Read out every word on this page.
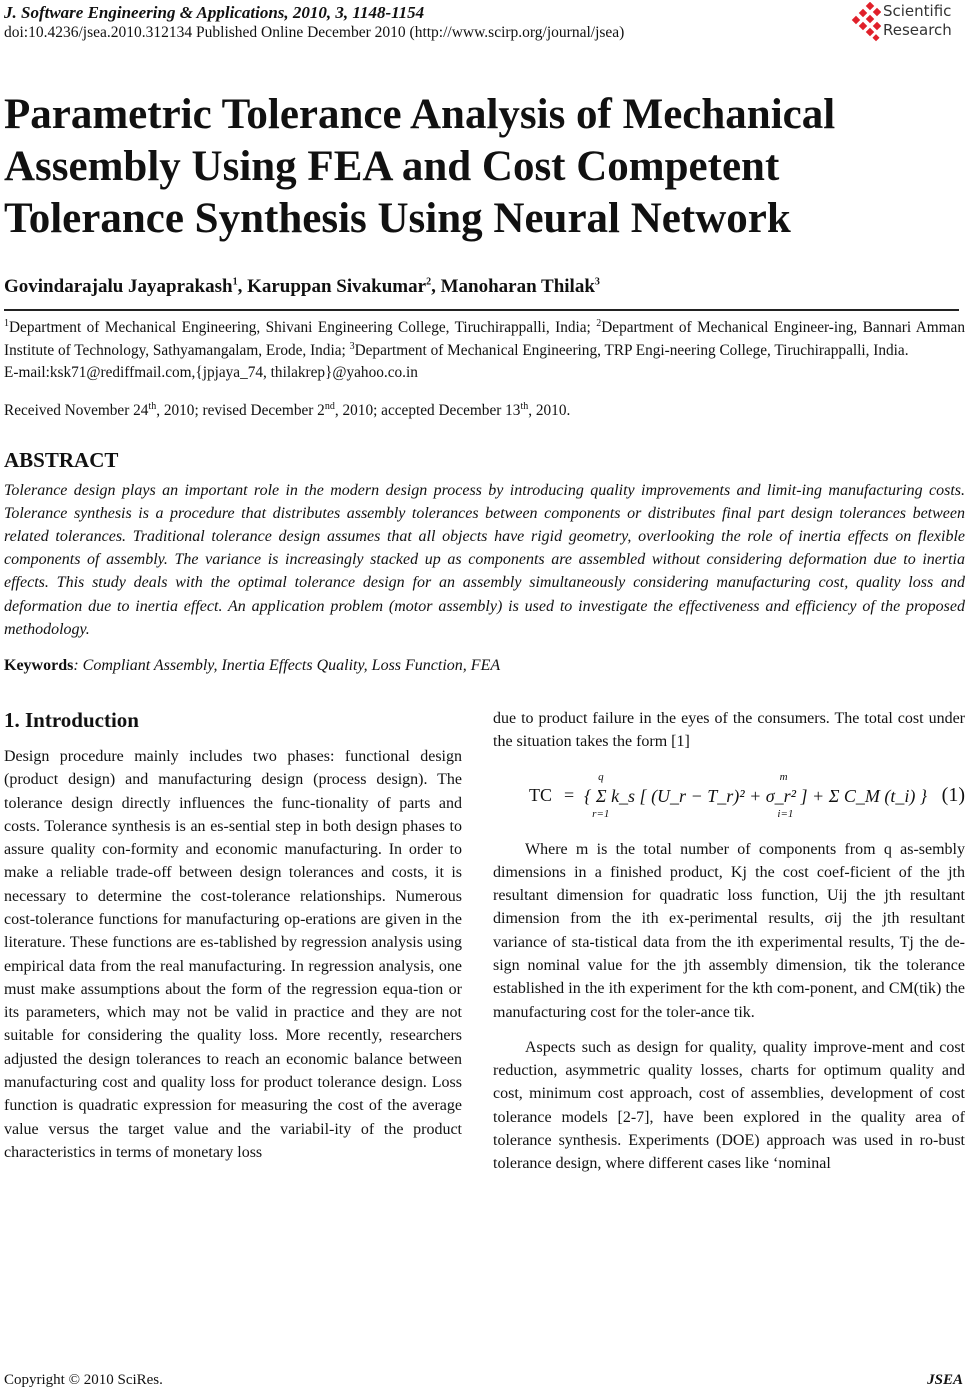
Scientific
Research
J. Software Engineering & Applications, 2010, 3, 1148-1154
doi:10.4236/jsea.2010.312134 Published Online December 2010 (http://www.scirp.org/journal/jsea)
Parametric Tolerance Analysis of Mechanical Assembly Using FEA and Cost Competent Tolerance Synthesis Using Neural Network
Govindarajalu Jayaprakash$^1$, Karuppan Sivakumar$^2$, Manoharan Thilak$^3$
$^1$Department of Mechanical Engineering, Shivani Engineering College, Tiruchirappalli, India; $^2$Department of Mechanical Engineer-ing, Bannari Amman Institute of Technology, Sathyamangalam, Erode, India; $^3$Department of Mechanical Engineering, TRP Engi-neering College, Tiruchirappalli, India.
E-mail:ksk71@rediffmail.com,{jpjaya_74, thilakrep}@yahoo.co.in
Received November 24th, 2010; revised December 2nd, 2010; accepted December 13th, 2010.
ABSTRACT
Tolerance design plays an important role in the modern design process by introducing quality improvements and limit-ing manufacturing costs. Tolerance synthesis is a procedure that distributes assembly tolerances between components or distributes final part design tolerances between related tolerances. Traditional tolerance design assumes that all objects have rigid geometry, overlooking the role of inertia effects on flexible components of assembly. The variance is increasingly stacked up as components are assembled without considering deformation due to inertia effects. This study deals with the optimal tolerance design for an assembly simultaneously considering manufacturing cost, quality loss and deformation due to inertia effect. An application problem (motor assembly) is used to investigate the effectiveness and efficiency of the proposed methodology.
Keywords: Compliant Assembly, Inertia Effects Quality, Loss Function, FEA
1. Introduction

Design procedure mainly includes two phases: functional design (product design) and manufacturing design (process design). The tolerance design directly influences the func-tionality of parts and costs. Tolerance synthesis is an es-sential step in both design phases to assure quality con-formity and economic manufacturing. In order to make a reliable trade-off between design tolerances and costs, it is necessary to determine the cost-tolerance relationships. Numerous cost-tolerance functions for manufacturing op-erations are given in the literature. These functions are es-tablished by regression analysis using empirical data from the real manufacturing. In regression analysis, one must make assumptions about the form of the regression equa-tion or its parameters, which may not be valid in practice and they are not suitable for considering the quality loss. More recently, researchers adjusted the design tolerances to reach an economic balance between manufacturing cost and quality loss for product tolerance design. Loss function is quadratic expression for measuring the cost of the average value versus the target value and the variabil-ity of the product characteristics in terms of monetary loss

due to product failure in the eyes of the consumers. The total cost under the situation takes the form [1]

TC =
q	m
{ Σ k_s [ (U_r − T_r)² + σ_r² ] + Σ C_M (t_i) }
r=1	i=1
(1)

Where m is the total number of components from q as-sembly dimensions in a finished product, Kj the cost coef-ficient of the jth resultant dimension for quadratic loss function, Uij the jth resultant dimension from the ith ex-perimental results, σij the jth resultant variance of sta-tistical data from the ith experimental results, Tj the de-sign nominal value for the jth assembly dimension, tik the tolerance established in the ith experiment for the kth com-ponent, and CM(tik) the manufacturing cost for the toler-ance tik.

Aspects such as design for quality, quality improve-ment and cost reduction, asymmetric quality losses, charts for optimum quality and cost, minimum cost approach, cost of assemblies, development of cost tolerance models [2-7], have been explored in the quality area of tolerance synthesis. Experiments (DOE) approach was used in ro-bust tolerance design, where different cases like ‘nominal

Copyright © 2010 SciRes.	JSEA
